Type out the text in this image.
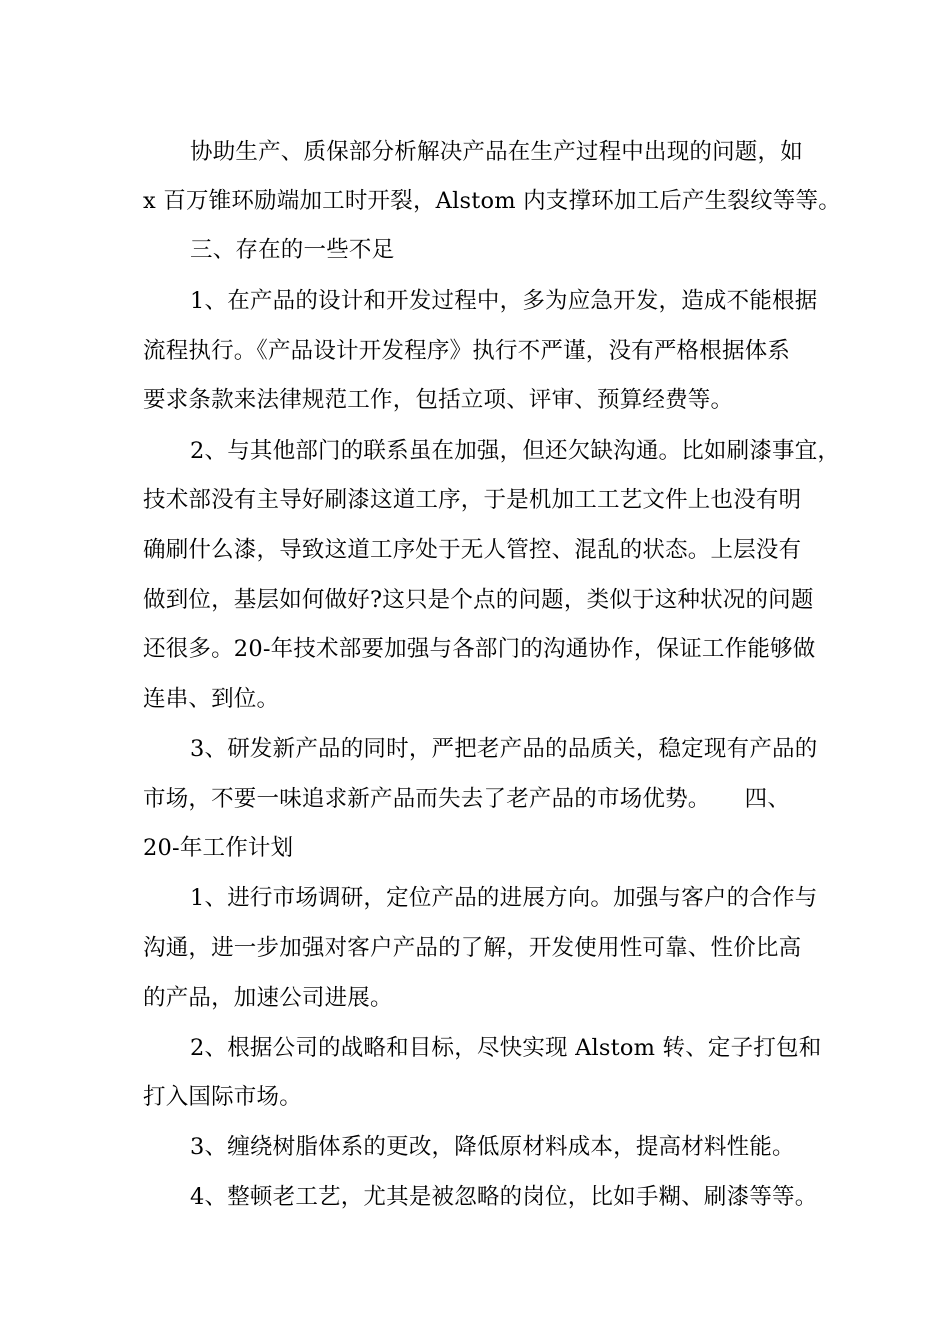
协助生产、质保部分析解决产品在生产过程中出现的问题，如
x 百万锥环励端加工时开裂，Alstom 内支撑环加工后产生裂纹等等。
三、存在的一些不足
1、在产品的设计和开发过程中，多为应急开发，造成不能根据
流程执行。《产品设计开发程序》执行不严谨，没有严格根据体系
要求条款来法律规范工作，包括立项、评审、预算经费等。
2、与其他部门的联系虽在加强，但还欠缺沟通。比如刷漆事宜，
技术部没有主导好刷漆这道工序，于是机加工工艺文件上也没有明
确刷什么漆，导致这道工序处于无人管控、混乱的状态。上层没有
做到位，基层如何做好?这只是个点的问题，类似于这种状况的问题
还很多。20-年技术部要加强与各部门的沟通协作，保证工作能够做
连串、到位。
3、研发新产品的同时，严把老产品的品质关，稳定现有产品的
市场，不要一味追求新产品而失去了老产品的市场优势。　　四、
20-年工作计划
1、进行市场调研，定位产品的进展方向。加强与客户的合作与
沟通，进一步加强对客户产品的了解，开发使用性可靠、性价比高
的产品，加速公司进展。
2、根据公司的战略和目标，尽快实现 Alstom 转、定子打包和
打入国际市场。
3、缠绕树脂体系的更改，降低原材料成本，提高材料性能。
4、整顿老工艺，尤其是被忽略的岗位，比如手糊、刷漆等等。
